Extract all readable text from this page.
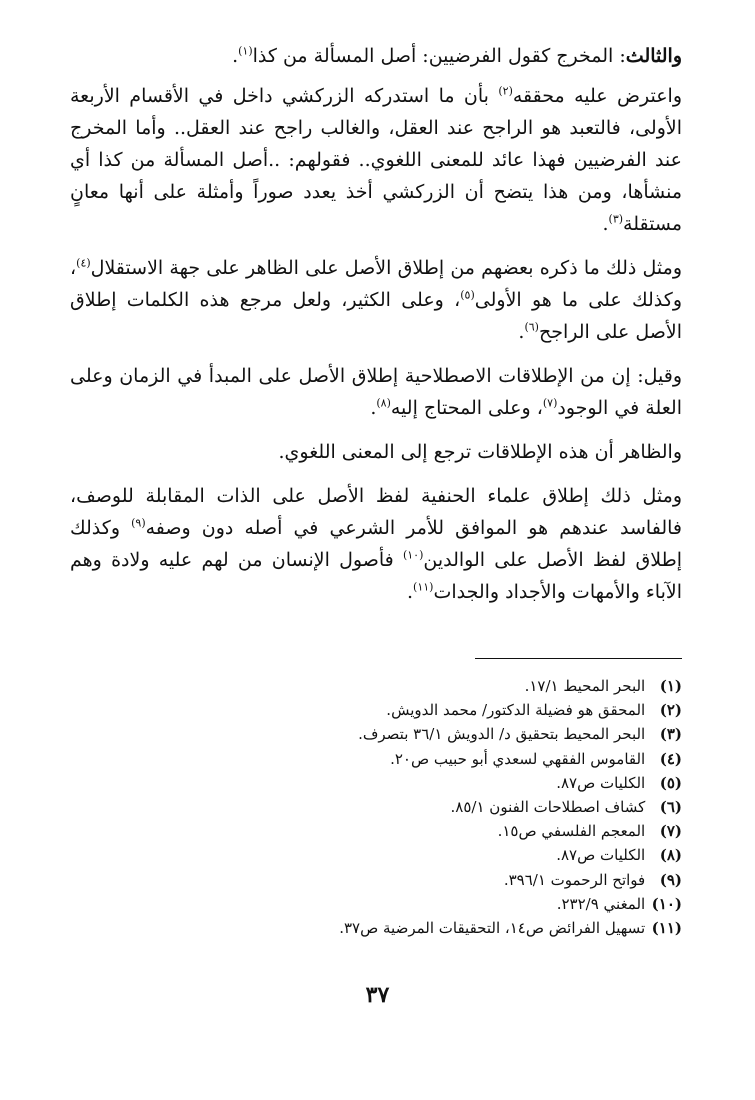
والثالث: المخرج كقول الفرضيين: أصل المسألة من كذا$^{(١)}$.

واعترض عليه محققه$^{(٢)}$ بأن ما استدركه الزركشي داخل في الأقسام الأربعة الأولى، فالتعبد هو الراجح عند العقل، والغالب راجح عند العقل.. وأما المخرج عند الفرضيين فهذا عائد للمعنى اللغوي.. فقولهم: ..أصل المسألة من كذا أي منشأها، ومن هذا يتضح أن الزركشي أخذ يعدد صوراً وأمثلة على أنها معانٍ مستقلة$^{(٣)}$.

ومثل ذلك ما ذكره بعضهم من إطلاق الأصل على الظاهر على جهة الاستقلال$^{(٤)}$، وكذلك على ما هو الأولى$^{(٥)}$، وعلى الكثير، ولعل مرجع هذه الكلمات إطلاق الأصل على الراجح$^{(٦)}$.

وقيل: إن من الإطلاقات الاصطلاحية إطلاق الأصل على المبدأ في الزمان وعلى العلة في الوجود$^{(٧)}$، وعلى المحتاج إليه$^{(٨)}$.

والظاهر أن هذه الإطلاقات ترجع إلى المعنى اللغوي.

ومثل ذلك إطلاق علماء الحنفية لفظ الأصل على الذات المقابلة للوصف، فالفاسد عندهم هو الموافق للأمر الشرعي في أصله دون وصفه$^{(٩)}$ وكذلك إطلاق لفظ الأصل على الوالدين$^{(١٠)}$ فأصول الإنسان من لهم عليه ولادة وهم الآباء والأمهات والأجداد والجدات$^{(١١)}$.

(١) البحر المحيط ١٧/١.
(٢) المحقق هو فضيلة الدكتور/ محمد الدويش.
(٣) البحر المحيط بتحقيق د/ الدويش ٣٦/١ بتصرف.
(٤) القاموس الفقهي لسعدي أبو حبيب ص٢٠.
(٥) الكليات ص٨٧.
(٦) كشاف اصطلاحات الفنون ٨٥/١.
(٧) المعجم الفلسفي ص١٥.
(٨) الكليات ص٨٧.
(٩) فواتح الرحموت ٣٩٦/١.
(١٠) المغني ٢٣٢/٩.
(١١) تسهيل الفرائض ص١٤، التحقيقات المرضية ص٣٧.
٣٧
